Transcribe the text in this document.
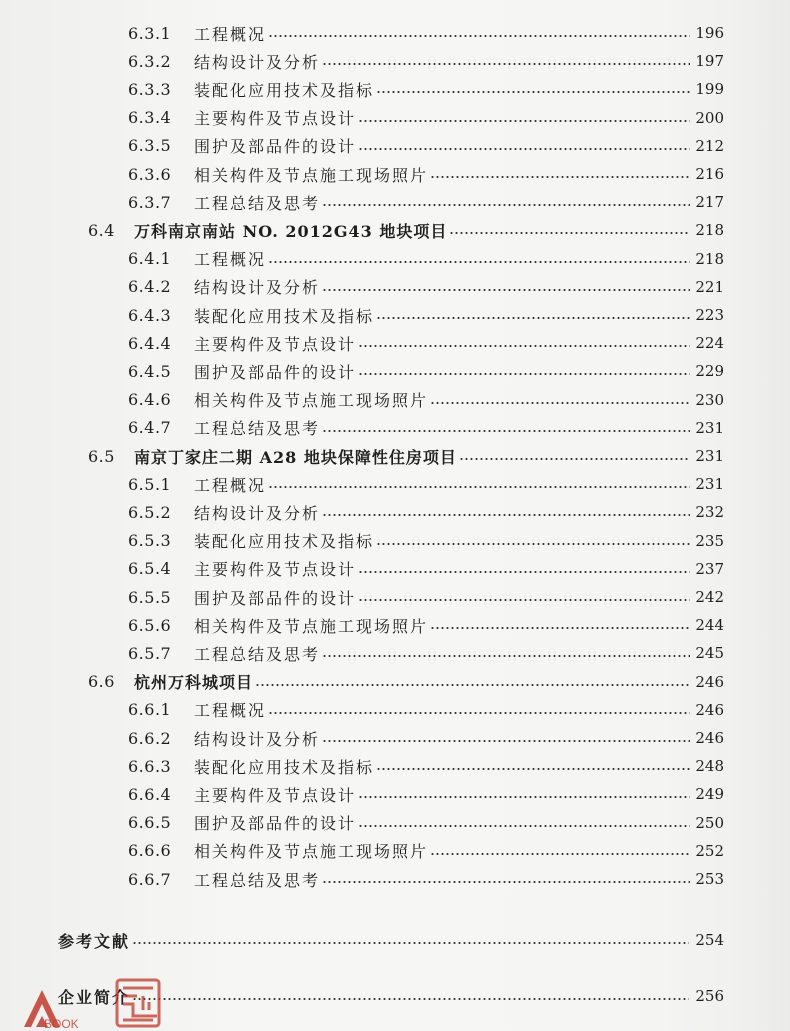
6.3.1	工程概况	196
6.3.2	结构设计及分析	197
6.3.3	装配化应用技术及指标	199
6.3.4	主要构件及节点设计	200
6.3.5	围护及部品件的设计	212
6.3.6	相关构件及节点施工现场照片	216
6.3.7	工程总结及思考	217
6.4	万科南京南站 NO. 2012G43 地块项目	218
6.4.1	工程概况	218
6.4.2	结构设计及分析	221
6.4.3	装配化应用技术及指标	223
6.4.4	主要构件及节点设计	224
6.4.5	围护及部品件的设计	229
6.4.6	相关构件及节点施工现场照片	230
6.4.7	工程总结及思考	231
6.5	南京丁家庄二期 A28 地块保障性住房项目	231
6.5.1	工程概况	231
6.5.2	结构设计及分析	232
6.5.3	装配化应用技术及指标	235
6.5.4	主要构件及节点设计	237
6.5.5	围护及部品件的设计	242
6.5.6	相关构件及节点施工现场照片	244
6.5.7	工程总结及思考	245
6.6	杭州万科城项目	246
6.6.1	工程概况	246
6.6.2	结构设计及分析	246
6.6.3	装配化应用技术及指标	248
6.6.4	主要构件及节点设计	249
6.6.5	围护及部品件的设计	250
6.6.6	相关构件及节点施工现场照片	252
6.6.7	工程总结及思考	253
参考文献	254
企业简介	256
BOOK
